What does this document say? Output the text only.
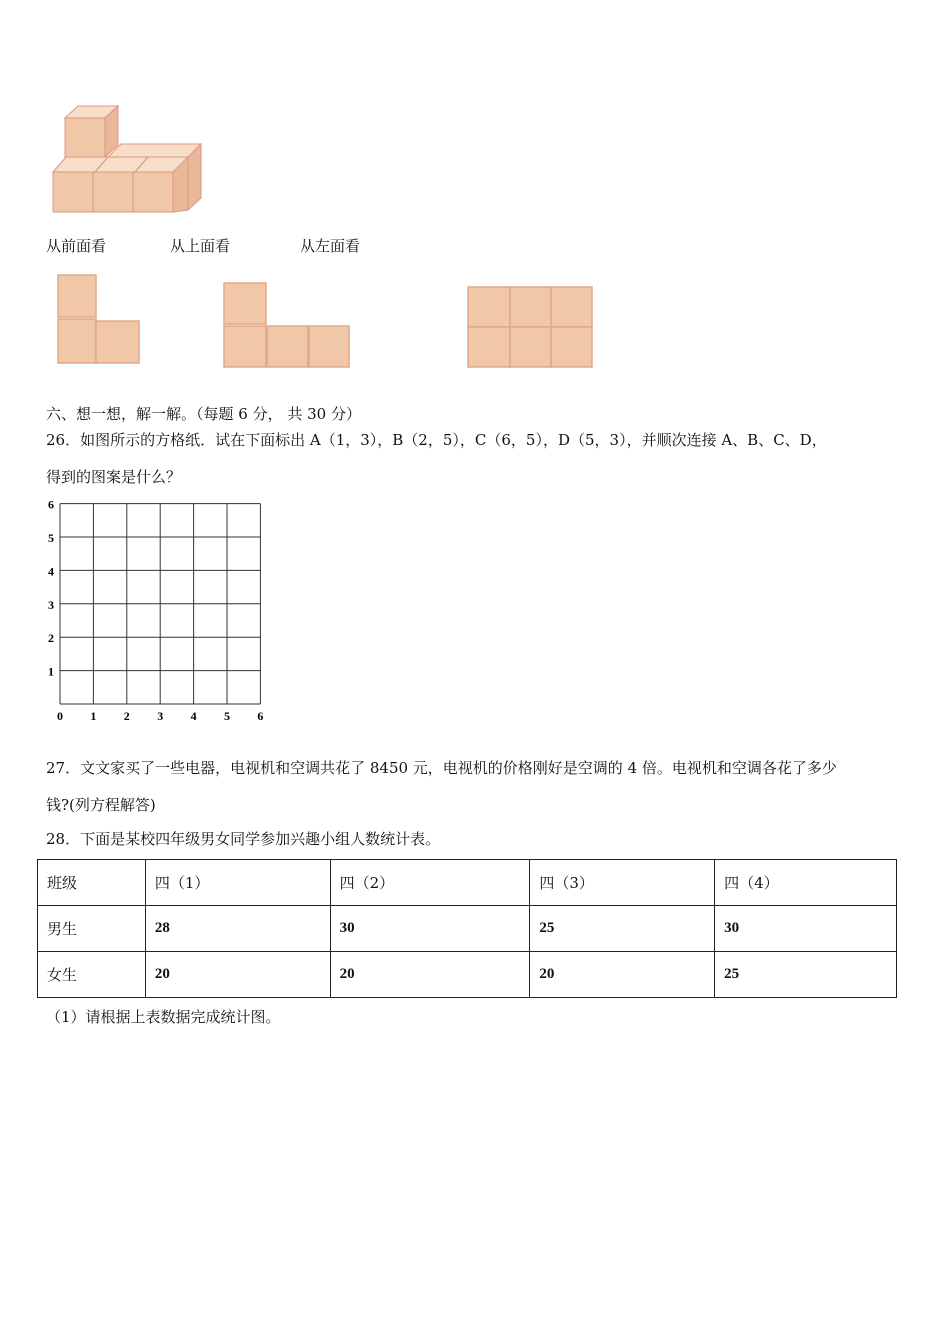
从前面看	从上面看	从左面看
六、想一想，解一解。（每题 6 分， 共 30 分）
26．如图所示的方格纸．试在下面标出 A（1，3），B（2，5），C（6，5），D（5，3），并顺次连接 A、B、C、D，
得到的图案是什么？
0 1 2 3 4 5 6
6
5
4
3
2
1
27．文文家买了一些电器，电视机和空调共花了 8450 元，电视机的价格刚好是空调的 4 倍。电视机和空调各花了多少
钱?(列方程解答)
28．下面是某校四年级男女同学参加兴趣小组人数统计表。
班级	四（1）	四（2）	四（3）	四（4）
男生	28	30	25	30
女生	20	20	20	25
（1）请根据上表数据完成统计图。
